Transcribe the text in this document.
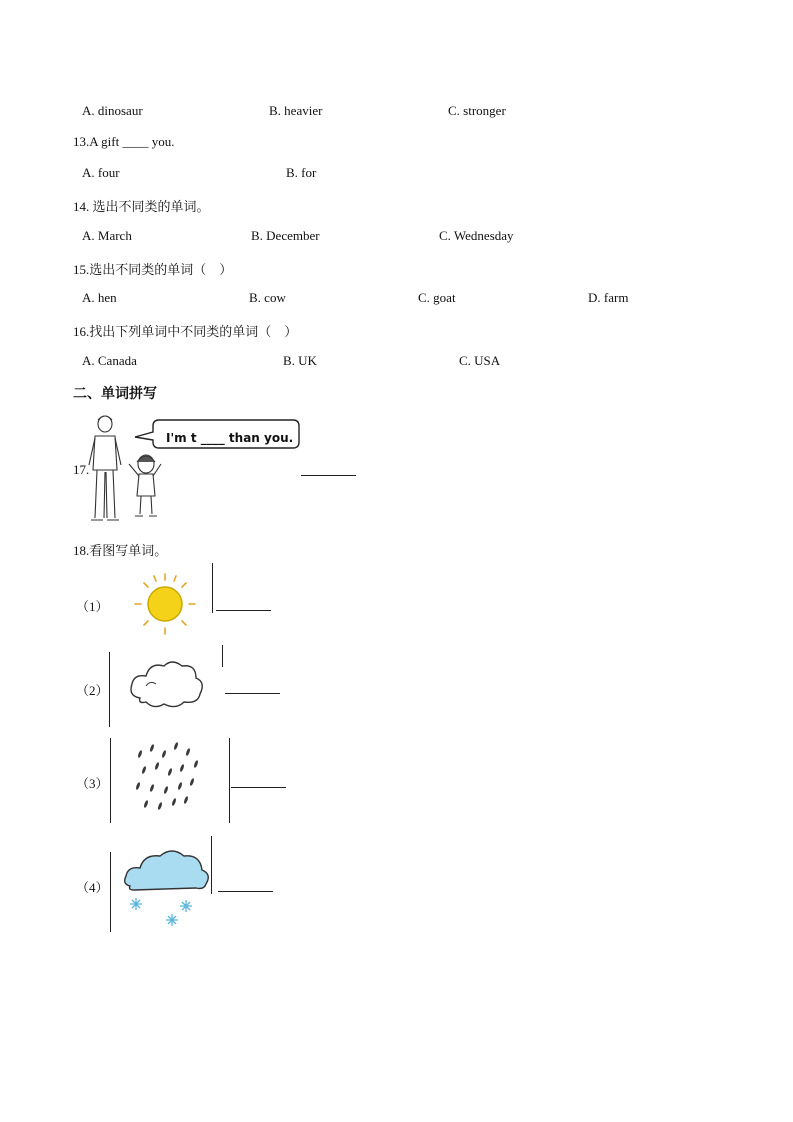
A. dinosaur	B. heavier	C. stronger
13.A gift ____ you.
A. four	B. for
14. 选出不同类的单词。
A. March	B. December	C. Wednesday
15.选出不同类的单词（　）
A. hen	B. cow	C. goat	D. farm
16.找出下列单词中不同类的单词（　）
A. Canada	B. UK	C. USA
二、单词拼写
17.
I'm t ____ than you.
18.看图写单词。
（1）
（2）
（3）
（4）
